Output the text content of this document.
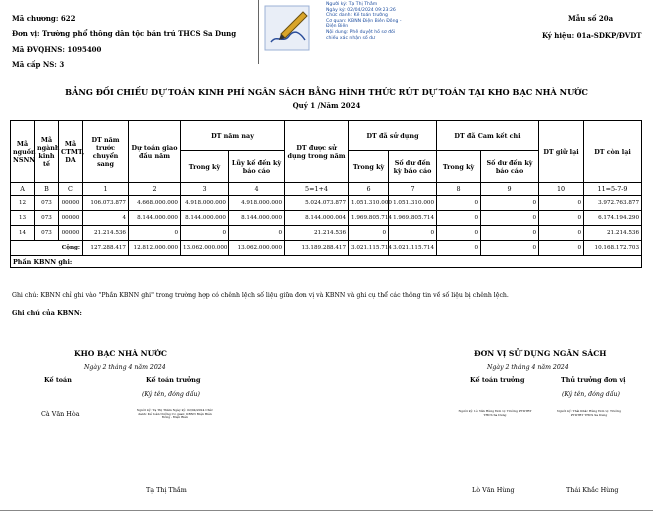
Mã chương: 622
Đơn vị: Trường phổ thông dân tộc bán trú THCS Sa Dung
Mã ĐVQHNS: 1095400
Mã cấp NS: 3
Mẫu số 20a
Ký hiệu: 01a-SDKP/ĐVDT
Người ký: Tạ Thị Thắm
Ngày ký: 02/04/2024 09:23:26
Chức danh: Kế toán trưởng
Cơ quan: KBNN Điện Biên Đông - Điện Biên
Nội dung: Phê duyệt hồ sơ đối chiếu xác nhận số dư
BẢNG ĐỐI CHIẾU DỰ TOÁN KINH PHÍ NGÂN SÁCH BẰNG HÌNH THỨC RÚT DỰ TOÁN TẠI KHO BẠC NHÀ NƯỚC
Quý 1 /Năm 2024
Mã nguồn NSNN	Mã ngành kinh tế	Mã CTMT, DA	DT năm trước chuyển sang	Dự toán giao đầu năm	DT năm nay		DT được sử dụng trong năm	DT đã sử dụng		DT đã Cam kết chi		DT giữ lại	DT còn lại
					Trong kỳ	Lũy kế đến kỳ báo cáo		Trong kỳ	Số dư đến kỳ báo cáo	Trong kỳ	Số dư đến kỳ báo cáo		
A	B	C	1	2	3	4	5=1+4	6	7	8	9	10	11=5-7-9
12	073	00000	106.073.877	4.668.000.000	4.918.000.000	4.918.000.000	5.024.073.877	1.051.310.000	1.051.310.000	0	0	0	3.972.763.877
13	073	00000	4	8.144.000.000	8.144.000.000	8.144.000.000	8.144.000.004	1.969.805.714	1.969.805.714	0	0	0	6.174.194.290
14	073	00000	21.214.536	0	0	0	21.214.536	0	0	0	0	0	21.214.536
Cộng:			127.288.417	12.812.000.000	13.062.000.000	13.062.000.000	13.189.288.417	3.021.115.714	3.021.115.714	0	0	0	10.168.172.703
Phần KBNN ghi:													
Ghi chú: KBNN chỉ ghi vào "Phần KBNN ghi" trong trường hợp có chênh lệch số liệu giữa đơn vị và KBNN và ghi cụ thể các thông tin về số liệu bị chênh lệch.
Ghi chú của KBNN:
KHO BẠC NHÀ NƯỚC
Ngày 2 tháng 4 năm 2024
Kế toán	Kế toán trưởng
(Ký tên, đóng dấu)
Cà Văn Hòa	Người ký: Tạ Thị Thắm Ngày ký: 02/04/2024 Chức danh: Kế toán trưởng Cơ quan: KBNN Điện Biên Đông - Điện Biên
Tạ Thị Thắm
ĐƠN VỊ SỬ DỤNG NGÂN SÁCH
Ngày 2 tháng 4 năm 2024
Kế toán trưởng	Thủ trưởng đơn vị
(Ký tên, đóng dấu)
Người ký: Lò Văn Hùng Đơn vị: Trường PTDTBT THCS Sa Dung
Người ký: Thái Khắc Hùng Đơn vị: Trường PTDTBT THCS Sa Dung
Lò Văn Hùng	Thái Khắc Hùng
